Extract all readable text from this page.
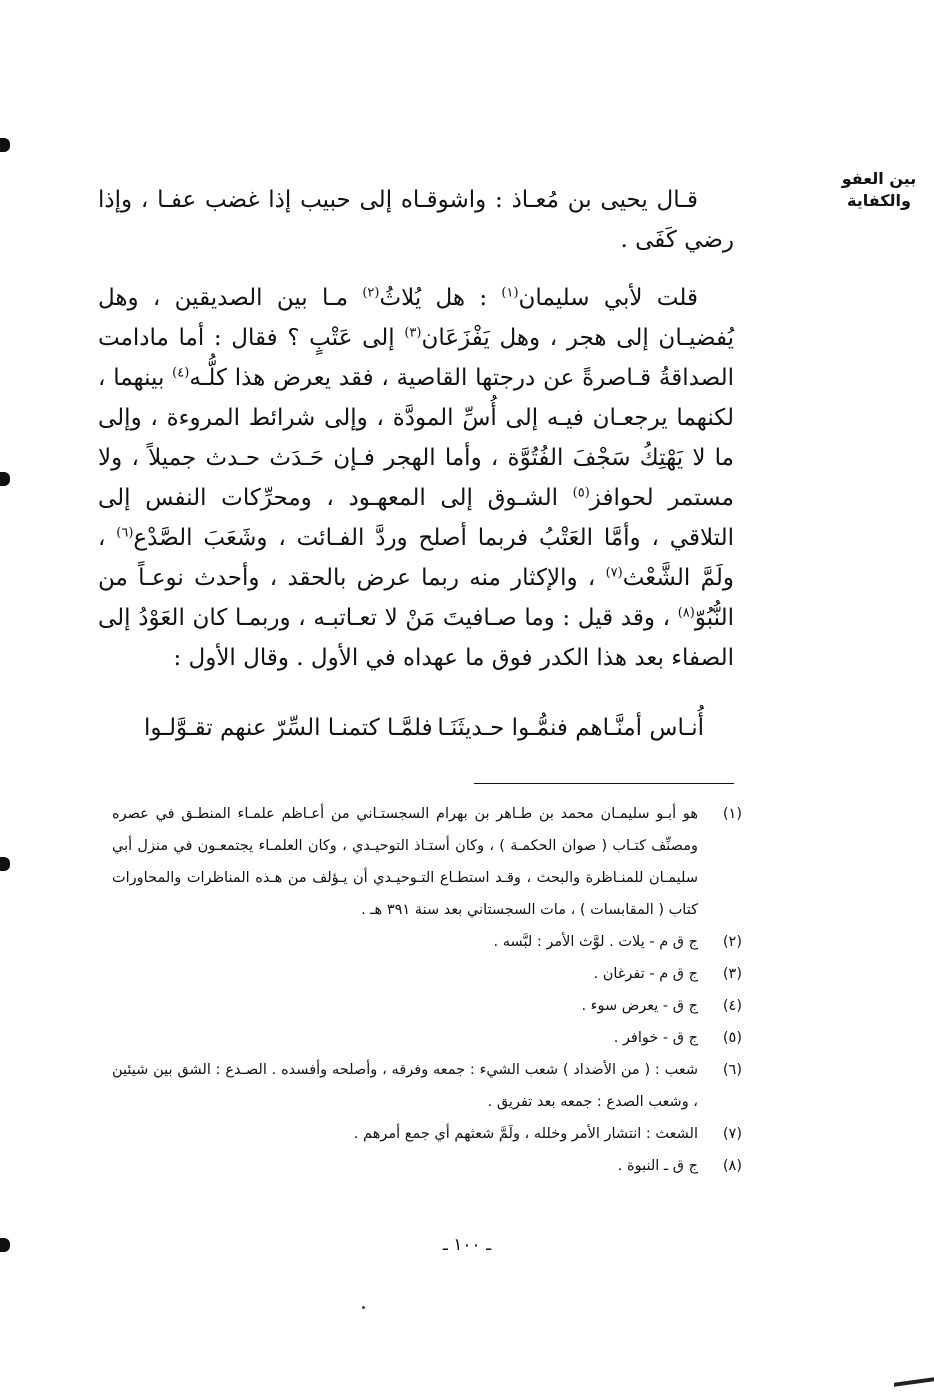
بين العفو
والكفاية

قـال يحيى بن مُعـاذ : واشوقـاه إلى حبيب إذا غضب عفـا ، وإذا رضي كَفَى .

قلت لأبي سليمان$^{(١)}$ : هل يُلاثُ$^{(٢)}$ مـا بين الصديقين ، وهل يُفضيـان إلى هجر ، وهل يَفْزَعَان$^{(٣)}$ إلى عَتْبٍ ؟ فقال : أما مادامت الصداقةُ قـاصرةً عن درجتها القاصية ، فقد يعرض هذا كلُّـه$^{(٤)}$ بينهما ، لكنهما يرجعـان فيـه إلى أُسِّ المودَّة ، وإلى شرائط المروءة ، وإلى ما لا يَهْتِكُ سَجْفَ الفُتُوَّة ، وأما الهجر فـإن حَـدَث حـدث جميلاً ، ولا مستمر لحوافز$^{(٥)}$ الشـوق إلى المعهـود ، ومحرِّكات النفس إلى التلاقي ، وأمَّا العَتْبُ فربما أصلح وردَّ الفـائت ، وشَعَبَ الصَّدْع$^{(٦)}$ ، ولَمَّ الشَّعْث$^{(٧)}$ ، والإكثار منه ربما عرض بالحقد ، وأحدث نوعـاً من النُّبُوّ$^{(٨)}$ ، وقد قيل : وما صـافيتَ مَنْ لا تعـاتبـه ، وربمـا كان العَوْدُ إلى الصفاء بعد هذا الكدر فوق ما عهداه في الأول . وقال الأول :

أُنـاس أمنَّـاهم فنمُّـوا حـديثَنَـا
فلمَّـا كتمنـا السِّرّ عنهم تقـوَّلـوا
(١)
هو أبـو سليمـان محمد بن طـاهر بن بهرام السجستـاني من أعـاظم علمـاء المنطـق في عصره ومصنِّف كتـاب ( صوان الحكمـة ) ، وكان أستـاذ التوحيـدي ، وكان العلمـاء يجتمعـون في منزل أبي سليمـان للمنـاظرة والبحث ، وقـد استطـاع التـوحيـدي أن يـؤلف من هـذه المناظرات والمحاورات كتاب ( المقابسات ) ، مات السجستاني بعد سنة ٣٩١ هـ .
(٢)
ج ق م - يلات . لوَّث الأمر : لبَّسه .
(٣)
ج ق م - تفرغان .
(٤)
ج ق - يعرض سوء .
(٥)
ج ق - خوافر .
(٦)
شعب : ( من الأضداد ) شعب الشيء : جمعه وفرقه ، وأصلحه وأفسده . الصـدع : الشق بين شيئين ، وشعب الصدع : جمعه بعد تفريق .
(٧)
الشعث : انتشار الأمر وخلله ، ولَمَّ شعثهم أي جمع أمرهم .
(٨)
ج ق ـ النبوة .
ـ ١٠٠ ـ
